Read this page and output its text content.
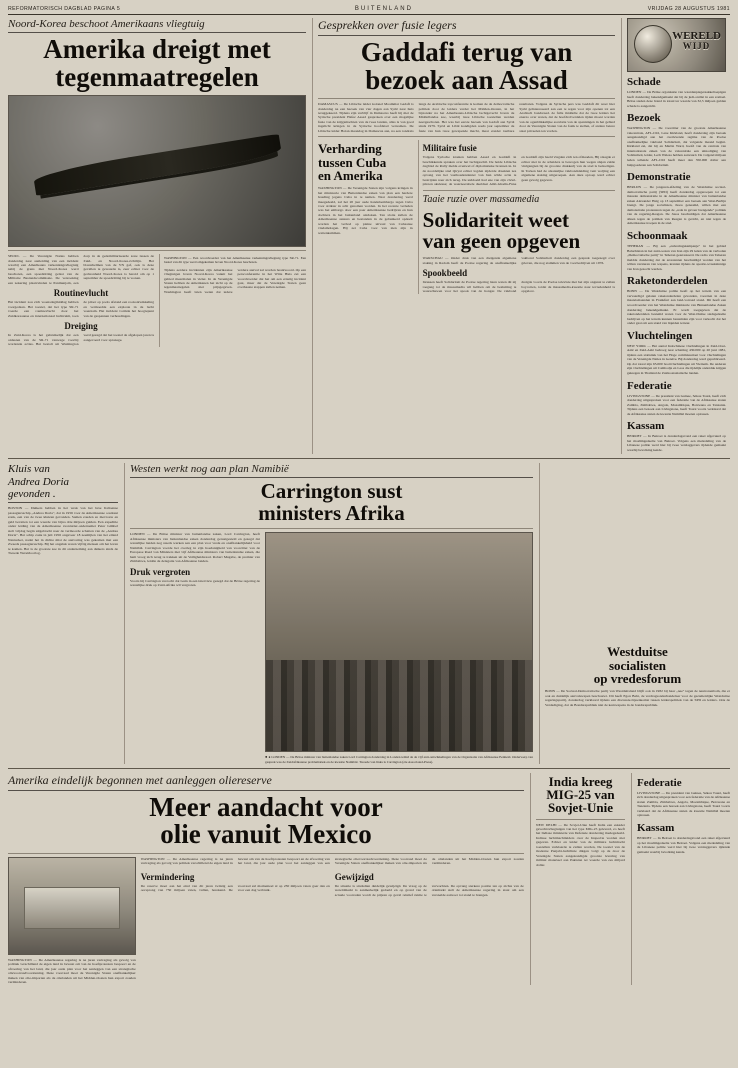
REFORMATORISCH DAGBLAD PAGINA 5	BUITENLAND	VRIJDAG 28 AUGUSTUS 1981
Noord-Korea beschoot Amerikaans vliegtuig
Amerika dreigt met
tegenmaatregelen
SEOUL — De Verenigde Naties hebben donderdag naar aanleiding van een incident waarbij een Amerikaans verkenningsvliegtuig nabij de grens met Noord-Korea werd beschoten, een spoedzitting gelast van de Militaire Bestandscommissie. De verzoeking een zekering plaatsvinden te Panmunjom, een dorp in de gedemilitariseerde zone tussen de Zuid- en Noord-Korea-richtlijn. Het blauwhelmen van de VN gaf, ook is deze gevallen te gewaarde is, zeer echter voor de gedwonheid Noord-Korea is beroid om op 1 september de spoedzitting bij te wonen.
Routinevlucht
Het incident zou zich woensdagmiddag hebben voorgedaan. Het toestel, dat het type SR-71 voerde een routinevlucht door het Zuidkoreaanse en internationaal luchtruim, toen de piloot op pools afstand een rookontwikkeling en vermoedde een explosie in de lucht waarnam. Het incident vormde het hoogtepunt van de gespannen verhoudingen.
Dreiging
In Zuid-Korea is het gebruikelijk dat een onlusten van de SR-71 vanwege voorbij wordende acties. Het bestolt uit Washington werd gezegd dat het toestel de afgelopen jaren is aangevoerd voor spionage.
WASHINGTON — Een woordvoerder van het Amerikaanse verkenningsvliegtuig type SR-71. Een bestel van dit type werd omgekomen boven Noord-Korea beschoten.
Tijdens eerdere incidenten zijn Amerikaanse vliegtuigen boven Noord-Korea vanuit het gebied meermalen in vizier. In de Verenigde Staten hebben de Amerikanen het zicht op de tegenmaatregelen niet prijsgegeven. Washington heeft laten weten dat iedere verdere aanval zal worden beantwoord. Op een persconferentie in het Witte Huis zei een woordvoerder dat het om een ernstig incident gaat, maar dat de Verenigde Staten geen overhaaste stappen zullen nemen.
Gesprekken over fusie legers
Gaddafi terug van
bezoek aan Assad
DAMASCUS — De Libische leider kolonel Moammar Gadafi is donderdag na een bezoek van vier dagen aan Syrië naar huis teruggekeerd. Tijdens zijn verblijf in Damascus heeft hij met de Syrische president Hafez Assad gesproken over een mogelijke fusie van de krijgsmachten van de twee landen, alles is van goed ingelicht kringen in de Syrische hoofdstad vernomen. De Libische leider Hoian maandag in Damascus aan, na een rondreis langs de Arabische topconferentie is komen de de democratische politiek door de leiders verder het Midden-Oosten, in het bijzonder na het Amerikaans-Libische luchtgevecht boven de Middellandse zee, waarbij twee Libische toestellen werden neergeschoten. Het was het eerste bezoek van Gadafi aan Syrië sinds 1979. Syrië en Libië kondigden reeds jaar september de fusie van hun twee gewapende macht, maar zonder tastbare resultaten. Volgens de Syrische pers was Gaddafi dit weer hier Syrië geïnteresseerd aan een te regen voor zijn openen tot een Arabisch bondsraad. de fulle middelte dat de twee leiders het enerzo over waren, dat de hoofdrolverdelen tijden moest worden van de ogenblikkelijke escalatie van de spanningen in het gebied door de Verenigde Staten van de fasik te stellen, of andere betere staat priveelen ten vorden.
Verharding
tussen Cuba
en Amerika
WASHINGTON — De Verenigde Staten zijn volgens kringen in het ministerie van Buitenlandse zaken van plan een hardere houding jegens Cuba in te nemen. Naar donderdag werd meegedeeld, zal het 20 jaar oude handelsembargo tegen Cuba voor strikter in acht genomen worden. In het recente verleden was het embargo door een paar Amerikaanse bedrijven en hun dochters in het buitenland ontdoken. Ten slotte zullen de Amerikaanse auteurs en bestanden in de gebunkerd opdeelt worden het verbod op pleine uitvaal van Cubaanse viadamolagen. Hij zei Cuba voor van zien zijn in wettenkammen.
Militaire fusie
Volgens Syrische kranten hebben Assad en Gaddafi in beschikkende spraken over het luchtgeschil. De beide Libische dagblad de Rally melde evenwel of diplomatieke bronnen in. In de noordelijke stad Qiryat echter logden zijderde draakten zes opvang van het vasthoudendenter van hun wilde actie te bestrijden naar zich terug. De uiddoeld had ene van zijn civiel-piloten aksleuse; de waarneerabele dueldaat Amb-Ghadis-Fnne en Gaddafi zijn beeld vlagden zich ten ofmaaden, Hij slaagde er echter niet in de arbeiders te bewogen hun wegen slujen zulde vinlgangien bij de grootste drukkerij van de stad is bedoeligen. In Torken had de alsanteljke vakbondsleiding vent woljing een algemene staking uitgeroepen. Aan deze oproep werd echter geen gevolg gegeven.
Taaie ruzie over massamedia
Solidariteit weet
van geen opgeven
WARSCHAU — Onder druk van een dreigende algemene staking in Radom heeft de Poolse regering de onafhankelijke vakbond Solidariteit donderdag een gesprek toegezegd over grieven, die nog stammen van de voorbedrijven uit 1976.
Spookbeeld
Intussen heeft Solidariteit de Poolse regering laten weten dit zij toegang tot de massamedia wil hebben om de besluiting te waarschuwen voor het spook van de honger. De vakbond dreigde voorts de Poolse televisie met het zijn ongunst te zullen boycotten, totdat de massamedia-kwestie naar tevredenheid is opgelost.
WERELD
WIJD
Schade

LONDEN — De Britse organisatie van waardenpiegeraakkeltoepigen heeft donderdag bekendgemaakt dat bij de judi-onrlist in een zomaal. Britse steden deze brand in totaal ter waarde van 32,5 miljoen gulden schade is aangericht.

Bezoek

WASHINGTON — De voorzitter van de grootste Amerikaanse vakcentrale, AFL-CIO, Lane Kirkland, heeft donderdag zijn bezoek aangekondigd aan het overlevende regime van de Poolse onafhankelijke vakbond Solidariteit, dat volgende maand begint. Kirkland zei, dat hij en Martin Ward, hoofd van de centrale van internationale zaken van de vakcentrale een uitnodiging van Solidariteit, leider, Lech Walesa hebben aanvaard. De volgend miljoen leden tellende AFL-CIO heeft meer dan 350.000 dollar aan hulpgoederen aan Solidariteit.

Demonstratie

BERLIJN — De jongeren-afdeling van de Westduitse sociaal-democratische partij (SPD) heeft donderdag opgeroepen tot een massale demonstratie in de Amerikaanse minister van buitenlandse zaken Alexander Haig op 13 september een bezoek aan West-Berlijn brengt. De jonge socialisten, Jusos genaamd, willen met een demonstratie protesteren tegen de „rede in gevaar brengende" politiek van de regering-Reagan. De Jusos beschuldigen dat Amerikaanse alleen tegen de politiek van Reagan is gericht, en niet tegen de Amerikaanse troepen in de stad.

Schoonmaak

TEHERAN — Bij een „zuiveringskampanje" in het gebied Baluchistan in het zuid-oosten van Iran zijn 29 leden van de verboden „Democratische partij" in Teheran gearresteerd. De radio van Teheran meldde donderdag dat de arrestanten beschuldigd worden van het willen versturen van wapens, kranten tijdens de apostle-wraakzinnige van Iran gezocht werden.

Raketonderdelen

BONN — De Westduitse politie heeft op het terrein van een vervaardigd gelaten raketonderdelen gevonden, voorzien in deze maand-maanden in Frankfurt aan land-vorraad stond. Dit heeft een woordvoerder van het Westduitse ministerie van Binnenlandse Zaken donderdag bekendgemaakt. Er wordt toegegeven dat de raketonderdelen bestemd waren voor de West-Duitse stadsgedeelte bedrijven op het terrein kunnen bestemden zijn voor verkocht dat het onder gaat om een stand van liquiden terreur.

Vluchtelingen

NEW YORK — Het aantal Indochinese vluchtelingen in Zuid-Oost-Azië en Zuid-Azië bedroeg naar schatting 430.000 op 20 juni 1981, tijdens een statistiek van het Hoge commissariaat voor vluchtelingen van de Verenigde Naties in Genève. Bij donderdag werd gepubliceerd. Op dat totaal zijn 65.000 boottvluchtelingen uit Vietnam. De anderen zijn vluchtelingen uit Cambodja en Laos die tijdelijk onderdak krijgen gekregen in Thailand de Zuidoostaziatische landen.

Federatie

LIVINGSTONE — De president van Guinee, Sékou Touré, heeft zich donderdag uitgesproken voor een federatie van de Afrikaanse staten Zambia, Zimbabwe, Angola, Mozambique, Botswana en Tanzania. Tijdens een bezoek aan Livingstone, heeft Touré voorts verklaard dat de Afrikaanse staten de kwestie Namibië moeten oplossen.

Kassam

BEIROET — In Beiroet is donderdagavond een raket afgevuurd op het moslimgedeelte van Beiroet. Volgens een mededeling van de Libanese politie werd hier bij twee verslaggevers tijdende gemaakt waarbij bevolking kende.

Kluis van
Andrea Doria
gevonden .
BOSTON — Duikers hebben in het wrak van het luxe Italiaanse passagiersschip „Andrea Doria", dat in 1956 voor de Amerikaanse oostkust zonk, een van de twee kluizen gevonden. Samen zouden ze mevrouw en geld bevatten tot een waarde van bijna drie miljoen gulden. Een expeditie onder leiding van de Amerikaanse avonturier-ondernemer Peter Gimbel stelt vrijdag begin uitgebracht naar de vermoorde schatten van de „Andrea Doria". Het schip zonk in juli 1956 ongeveer 18 zeemijlen van het eiland Nantucket, nadat het in dichte mist de aanvaring was gekomen met een Zweeds passagiersschip. Bij het ongeluk waren vijftig mensen om het leven te komen. Het is de grootste zee in dit onderneming aan duikers sinds de Tweede Wereldoorlog.
Westen werkt nog aan plan Namibië
Carrington sust
ministers Afrika
LONDEN — De Britse minister van buitenlandse zaken, Lord Carrington, heeft Afrikaanse ministers van buitenlandse zaken donderdag gerustgesteld en gezegd dat westelijke landen nog steeds werken aan een plan voor vrede en onafhankelijkheid voor Namibië. Carrington voerde het overleg in zijn hoedanigheid van voorzitter van de Europese Raad van Ministers met vijf Afrikaanse ministers van buitenlandse zaken, die hem vroeg zich terug te trekken uit de Veiligheidsraad. Robert Mugabe, de premier van Zimbabwe, leidde de delegatie van Afrikaanse landen.
Druk vergroten
Voorts hij Carrington verzocht dat Guin in een interview gezegd dat de Britse regering de westelijke druk op Zuid-Afrika wil vergroten.
● ● LONDEN — De Britse minister van buitenlandse zaken Lord Carrington donderdag in Londen temid de de vijf anti-ontwikkelingen van de Organisatie van Afrikaanse Eenheid. Onderwerp van gesprek was de Zuidafrikaanse problematiek en de kwestie Namibië. Tweede van links is Carrington (zie Associated-Press).
Westduitse
socialisten
op vredesforum
BONN — De Sociaal-Democratische partij van Westduitsland blijft ook in 1982 bij haar „nee" tegen de neutronenbom, die er ook en duidelijk aanvalswapen beschouwt. Dit heeft Egon Bahr, de verdragsonderhandelaar voor de gezamenlijke Westduitse regeringspartij, donderdag verklaard tijdens een discussie-bijeenkomst tussen leiderspolitiek van de SPD en leiders. Ook de Verdediging, dat de Bondsrepubliek niet de kernwapens in de bondsrepubliek.
Amerika eindelijk begonnen met aanleggen oliereserve
Meer aandacht voor
olie vanuit Mexico
WASHINGTON — De Amerikaanse regering is na jaren vertraging als gevolg van politiek verschillend de eigen land in bewust om van de hoeftprotesten bespoort en de afvoering van het land, die jaar oude plan voor het aanleggen van een strategische olievoorraadvoorziening. Deze voorraad moet de Verenigde Staten onafhankelijker maken van olie-importen als de olielanden uit het Midden-Oosten hun export zouden verminderen.
WASHINGTON — De Amerikaanse regering is na jaren vertraging als gevolg van politiek verschillend de eigen land in bewust om van de hoeftprotesten bespoort en de afvoering van het land, die jaar oude plan voor het aanleggen van een strategische olievoorraadvoorziening. Deze voorraad moet de Verenigde Staten onafhankelijker maken van olie-importen als de olielanden uit het Midden-Oosten hun export zouden verminderen.
Vermindering
De reserve moet aan het eind van dit jaren twintig een oorsprong van 750 miljoen vaten, vullen, berekend. De voorraad zal momenteel al op 230 miljoen vaten gaar dan en voor een dag verbruik.
Gewijzigd
De situatie is sindsdien duidelijk gewijzigd. De vraag op de wereldmarkt is aanmerkelijk gedaald en op grond van de actuele voorraden wordt de prijzen op geval relatief ruime te verwachten. De opvang sterkere positie ten op zichte van de oliemarkt stelt de Amerikaanse regering in staat om een versnelde aanvoer tot stand te brengen.
India kreeg
MIG-25 van
Sovjet-Unie
NEW DELHI — De Sovjet-Unie heeft India een eskader gevechtsvliegtuigen van het type MIG-25 geleverd, zo heeft het Indiase ministerie van Defensie donderdag medegedeeld. Indiase luchtmachtleiders over de Inspectie worden niet gegeven. Echter en leider van de militaire luchtmacht toestellen verklaarde te zullen worden, De toestel van de moderne Panjabi-luchtlinie dikgen volgt op de door de Verenigde Staten aangekondigde grootste levering van militair materieel aan Pakistan ter waarde van zes miljard dollar.
Federatie

LIVINGSTONE — De president van Guinee, Sékou Touré, heeft zich donderdag uitgesproken voor een federatie van de Afrikaanse staten Zambia, Zimbabwe, Angola, Mozambique, Botswana en Tanzania. Tijdens een bezoek aan Livingstone, heeft Touré voorts verklaard dat de Afrikaanse staten de kwestie Namibië moeten oplossen.

Kassam

BEIROET — In Beiroet is donderdagavond een raket afgevuurd op het moslimgedeelte van Beiroet. Volgens een mededeling van de Libanese politie werd hier bij twee verslaggevers tijdende gemaakt waarbij bevolking kende.
